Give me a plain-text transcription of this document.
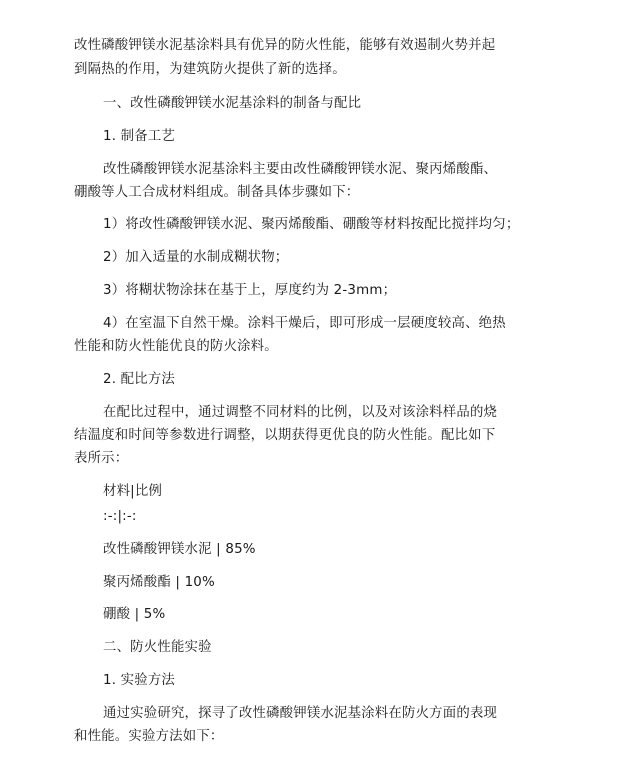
改性磷酸钾镁水泥基涂料具有优异的防火性能，能够有效遏制火势并起
到隔热的作用，为建筑防火提供了新的选择。
一、改性磷酸钾镁水泥基涂料的制备与配比
1. 制备工艺
改性磷酸钾镁水泥基涂料主要由改性磷酸钾镁水泥、聚丙烯酸酯、
硼酸等人工合成材料组成。制备具体步骤如下：
1）将改性磷酸钾镁水泥、聚丙烯酸酯、硼酸等材料按配比搅拌均匀；
2）加入适量的水制成糊状物；
3）将糊状物涂抹在基于上，厚度约为 2-3mm；
4）在室温下自然干燥。涂料干燥后，即可形成一层硬度较高、绝热
性能和防火性能优良的防火涂料。
2. 配比方法
在配比过程中，通过调整不同材料的比例，以及对该涂料样品的烧
结温度和时间等参数进行调整，以期获得更优良的防火性能。配比如下
表所示：
材料|比例
:-:|:-:
改性磷酸钾镁水泥 | 85%
聚丙烯酸酯 | 10%
硼酸 | 5%
二、防火性能实验
1. 实验方法
通过实验研究，探寻了改性磷酸钾镁水泥基涂料在防火方面的表现
和性能。实验方法如下：
